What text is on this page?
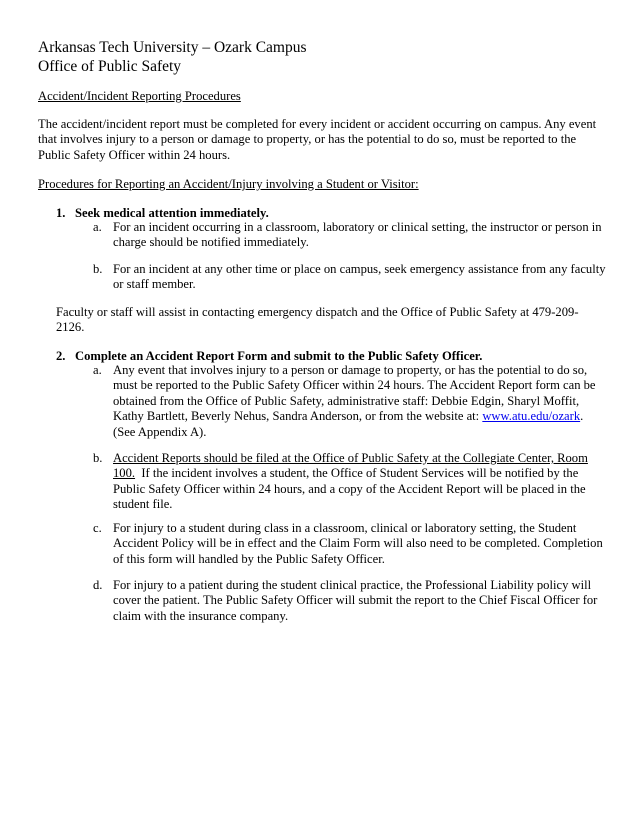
Arkansas Tech University – Ozark Campus
Office of Public Safety
Accident/Incident Reporting Procedures
The accident/incident report must be completed for every incident or accident occurring on campus. Any event that involves injury to a person or damage to property, or has the potential to do so, must be reported to the Public Safety Officer within 24 hours.
Procedures for Reporting an Accident/Injury involving a Student or Visitor:
1. Seek medical attention immediately.
a. For an incident occurring in a classroom, laboratory or clinical setting, the instructor or person in charge should be notified immediately.
b. For an incident at any other time or place on campus, seek emergency assistance from any faculty or staff member.
Faculty or staff will assist in contacting emergency dispatch and the Office of Public Safety at 479-209-2126.
2. Complete an Accident Report Form and submit to the Public Safety Officer.
a. Any event that involves injury to a person or damage to property, or has the potential to do so, must be reported to the Public Safety Officer within 24 hours. The Accident Report form can be obtained from the Office of Public Safety, administrative staff: Debbie Edgin, Sharyl Moffit, Kathy Bartlett, Beverly Nehus, Sandra Anderson, or from the website at: www.atu.edu/ozark.
(See Appendix A).
b. Accident Reports should be filed at the Office of Public Safety at the Collegiate Center, Room 100.  If the incident involves a student, the Office of Student Services will be notified by the Public Safety Officer within 24 hours, and a copy of the Accident Report will be placed in the student file.
c. For injury to a student during class in a classroom, clinical or laboratory setting, the Student Accident Policy will be in effect and the Claim Form will also need to be completed. Completion of this form will handled by the Public Safety Officer.
d. For injury to a patient during the student clinical practice, the Professional Liability policy will cover the patient. The Public Safety Officer will submit the report to the Chief Fiscal Officer for claim with the insurance company.
